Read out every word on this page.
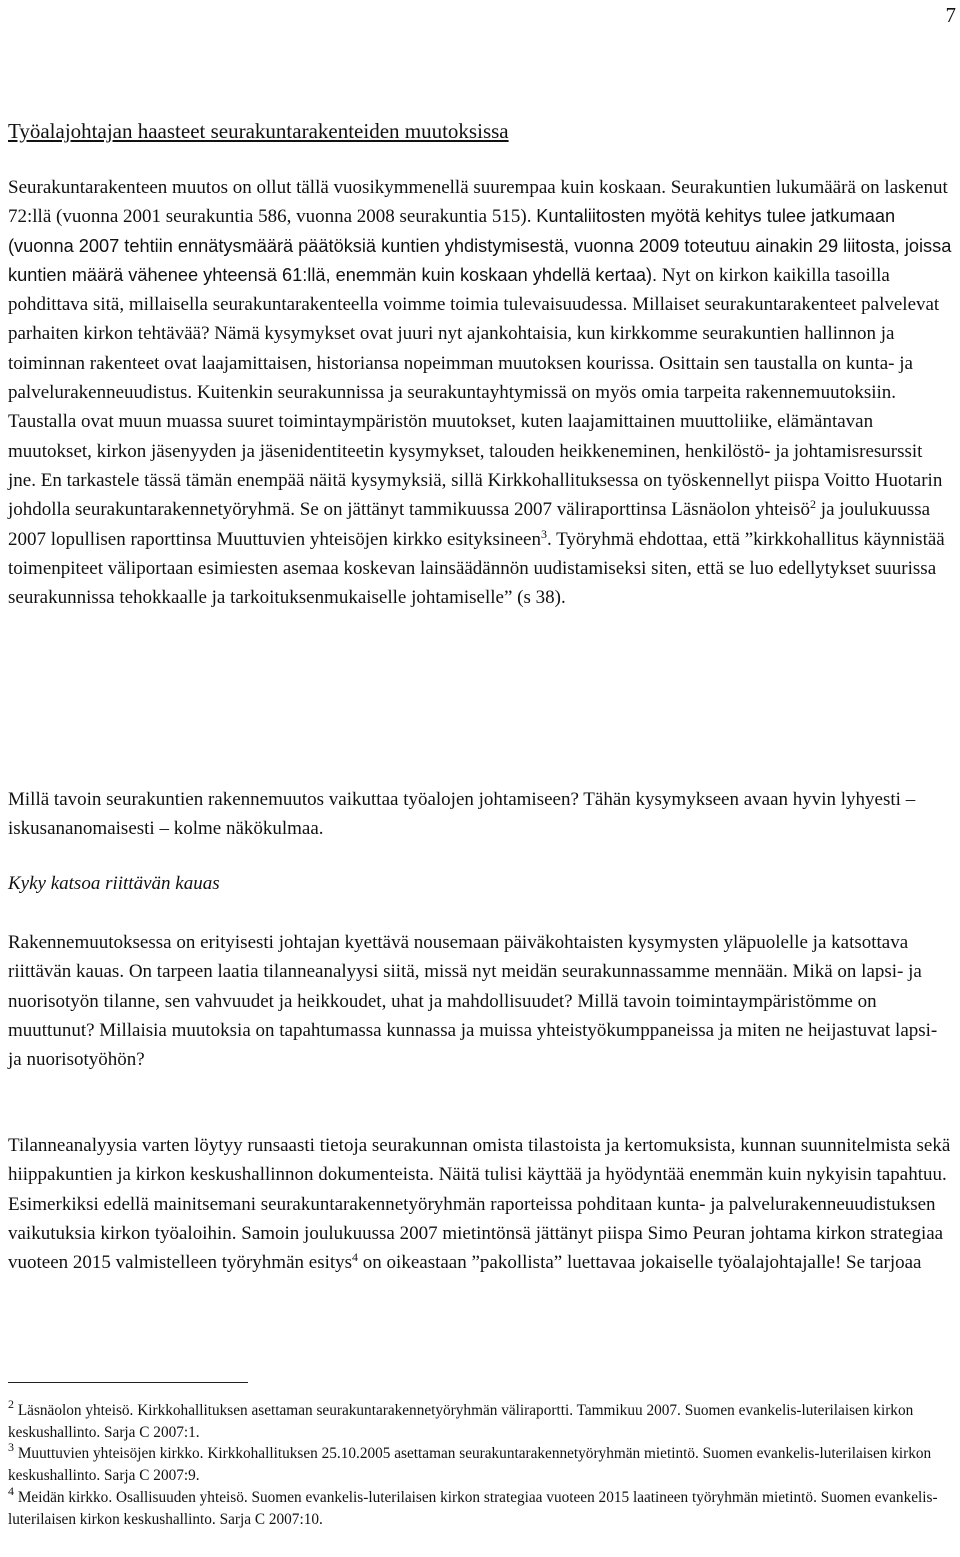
7
Työalajohtajan haasteet seurakuntarakenteiden muutoksissa

Seurakuntarakenteen muutos on ollut tällä vuosikymmenellä suurempaa kuin koskaan. Seurakuntien lukumäärä on laskenut 72:llä (vuonna 2001 seurakuntia 586, vuonna 2008 seurakuntia 515). Kuntaliitosten myötä kehitys tulee jatkumaan (vuonna 2007 tehtiin ennätysmäärä päätöksiä kuntien yhdistymisestä, vuonna 2009 toteutuu ainakin 29 liitosta, joissa kuntien määrä vähenee yhteensä 61:llä, enemmän kuin koskaan yhdellä kertaa). Nyt on kirkon kaikilla tasoilla pohdittava sitä, millaisella seurakuntarakenteella voimme toimia tulevaisuudessa. Millaiset seurakuntarakenteet palvelevat parhaiten kirkon tehtävää? Nämä kysymykset ovat juuri nyt ajankohtaisia, kun kirkkomme seurakuntien hallinnon ja toiminnan rakenteet ovat laajamittaisen, historiansa nopeimman muutoksen kourissa. Osittain sen taustalla on kunta- ja palvelurakenneuudistus. Kuitenkin seurakunnissa ja seurakuntayhtymissä on myös omia tarpeita rakennemuutoksiin. Taustalla ovat muun muassa suuret toimintaympäristön muutokset, kuten laajamittainen muuttoliike, elämäntavan muutokset, kirkon jäsenyyden ja jäsenidentiteetin kysymykset, talouden heikkeneminen, henkilöstö- ja johtamisresurssit jne. En tarkastele tässä tämän enempää näitä kysymyksiä, sillä Kirkkohallituksessa on työskennellyt piispa Voitto Huotarin johdolla seurakuntarakennetyöryhmä. Se on jättänyt tammikuussa 2007 väliraporttinsa Läsnäolon yhteisö$^2$ ja joulukuussa 2007 lopullisen raporttinsa Muuttuvien yhteisöjen kirkko esityksineen$^3$. Työryhmä ehdottaa, että ”kirkkohallitus käynnistää toimenpiteet väliportaan esimiesten asemaa koskevan lainsäädännön uudistamiseksi siten, että se luo edellytykset suurissa seurakunnissa tehokkaalle ja tarkoituksenmukaiselle johtamiselle” (s 38).

Millä tavoin seurakuntien rakennemuutos vaikuttaa työalojen johtamiseen? Tähän kysymykseen avaan hyvin lyhyesti – iskusananomaisesti – kolme näkökulmaa.

Kyky katsoa riittävän kauas

Rakennemuutoksessa on erityisesti johtajan kyettävä nousemaan päiväkohtaisten kysymysten yläpuolelle ja katsottava riittävän kauas. On tarpeen laatia tilanneanalyysi siitä, missä nyt meidän seurakunnassamme mennään. Mikä on lapsi- ja nuorisotyön tilanne, sen vahvuudet ja heikkoudet, uhat ja mahdollisuudet? Millä tavoin toimintaympäristömme on muuttunut? Millaisia muutoksia on tapahtumassa kunnassa ja muissa yhteistyökumppaneissa ja miten ne heijastuvat lapsi- ja nuorisotyöhön?

Tilanneanalyysia varten löytyy runsaasti tietoja seurakunnan omista tilastoista ja kertomuksista, kunnan suunnitelmista sekä hiippakuntien ja kirkon keskushallinnon dokumenteista. Näitä tulisi käyttää ja hyödyntää enemmän kuin nykyisin tapahtuu. Esimerkiksi edellä mainitsemani seurakuntarakennetyöryhmän raporteissa pohditaan kunta- ja palvelurakenneuudistuksen vaikutuksia kirkon työaloihin. Samoin joulukuussa 2007 mietintönsä jättänyt piispa Simo Peuran johtama kirkon strategiaa vuoteen 2015 valmistelleen työryhmän esitys$^4$ on oikeastaan ”pakollista” luettavaa jokaiselle työalajohtajalle! Se tarjoaa

$^2$ Läsnäolon yhteisö. Kirkkohallituksen asettaman seurakuntarakennetyöryhmän väliraportti. Tammikuu 2007. Suomen evankelis-luterilaisen kirkon keskushallinto. Sarja C 2007:1.

$^3$ Muuttuvien yhteisöjen kirkko. Kirkkohallituksen 25.10.2005 asettaman seurakuntarakennetyöryhmän mietintö. Suomen evankelis-luterilaisen kirkon keskushallinto. Sarja C 2007:9.

$^4$ Meidän kirkko. Osallisuuden yhteisö. Suomen evankelis-luterilaisen kirkon strategiaa vuoteen 2015 laatineen työryhmän mietintö. Suomen evankelis-luterilaisen kirkon keskushallinto. Sarja C 2007:10.
